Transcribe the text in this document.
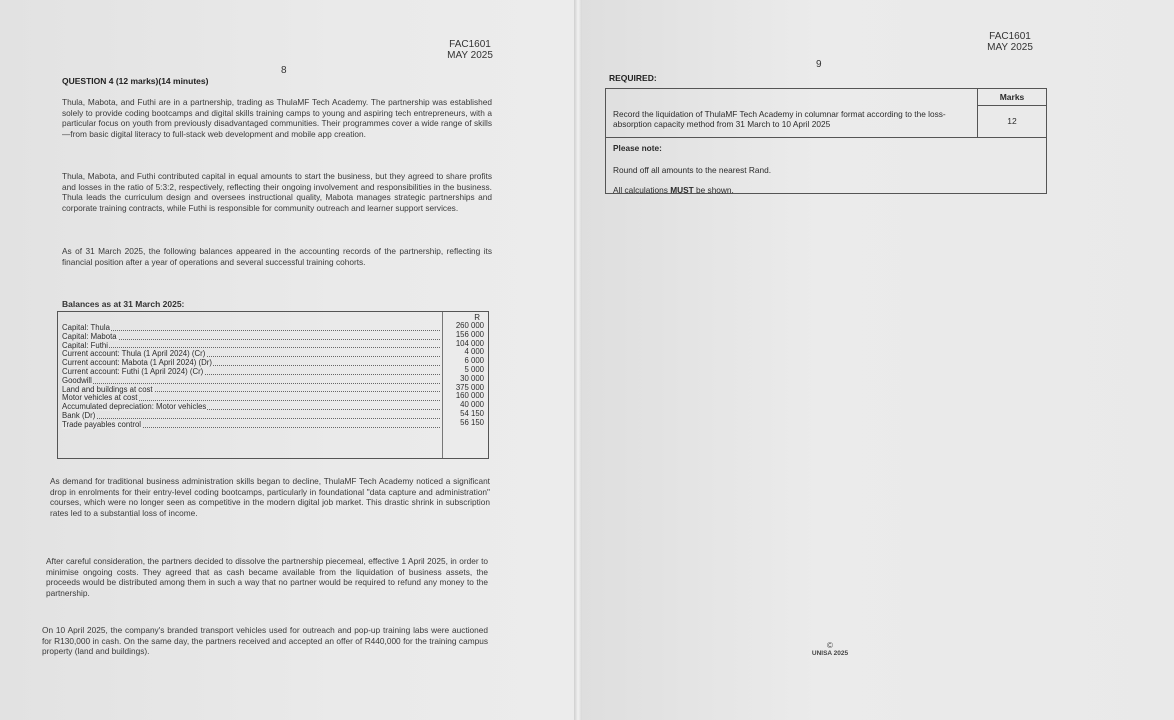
FAC1601
MAY 2025
8
QUESTION 4 (12 marks)(14 minutes)
Thula, Mabota, and Futhi are in a partnership, trading as ThulaMF Tech Academy. The partnership was established solely to provide coding bootcamps and digital skills training camps to young and aspiring tech entrepreneurs, with a particular focus on youth from previously disadvantaged communities. Their programmes cover a wide range of skills—from basic digital literacy to full-stack web development and mobile app creation.
Thula, Mabota, and Futhi contributed capital in equal amounts to start the business, but they agreed to share profits and losses in the ratio of 5:3:2, respectively, reflecting their ongoing involvement and responsibilities in the business. Thula leads the curriculum design and oversees instructional quality, Mabota manages strategic partnerships and corporate training contracts, while Futhi is responsible for community outreach and learner support services.
As of 31 March 2025, the following balances appeared in the accounting records of the partnership, reflecting its financial position after a year of operations and several successful training cohorts.
Balances as at 31 March 2025:
R
Capital: Thula
Capital: Mabota
Capital: Futhi
Current account: Thula (1 April 2024) (Cr)
Current account: Mabota (1 April 2024) (Dr)
Current account: Futhi (1 April 2024) (Cr)
Goodwill
Land and buildings at cost
Motor vehicles at cost
Accumulated depreciation: Motor vehicles
Bank (Dr)
Trade payables control
260 000
156 000
104 000
4 000
6 000
5 000
30 000
375 000
160 000
40 000
54 150
56 150
As demand for traditional business administration skills began to decline, ThulaMF Tech Academy noticed a significant drop in enrolments for their entry-level coding bootcamps, particularly in foundational "data capture and administration" courses, which were no longer seen as competitive in the modern digital job market. This drastic shrink in subscription rates led to a substantial loss of income.
After careful consideration, the partners decided to dissolve the partnership piecemeal, effective 1 April 2025, in order to minimise ongoing costs. They agreed that as cash became available from the liquidation of business assets, the proceeds would be distributed among them in such a way that no partner would be required to refund any money to the partnership.
On 10 April 2025, the company's branded transport vehicles used for outreach and pop-up training labs were auctioned for R130,000 in cash. On the same day, the partners received and accepted an offer of R440,000 for the training campus property (land and buildings).
FAC1601
MAY 2025
9
REQUIRED:
Marks
Record the liquidation of ThulaMF Tech Academy in columnar format according to the loss-absorption capacity method from 31 March to 10 April 2025	12
Please note:
Round off all amounts to the nearest Rand.
All calculations MUST be shown.
©
UNISA 2025
